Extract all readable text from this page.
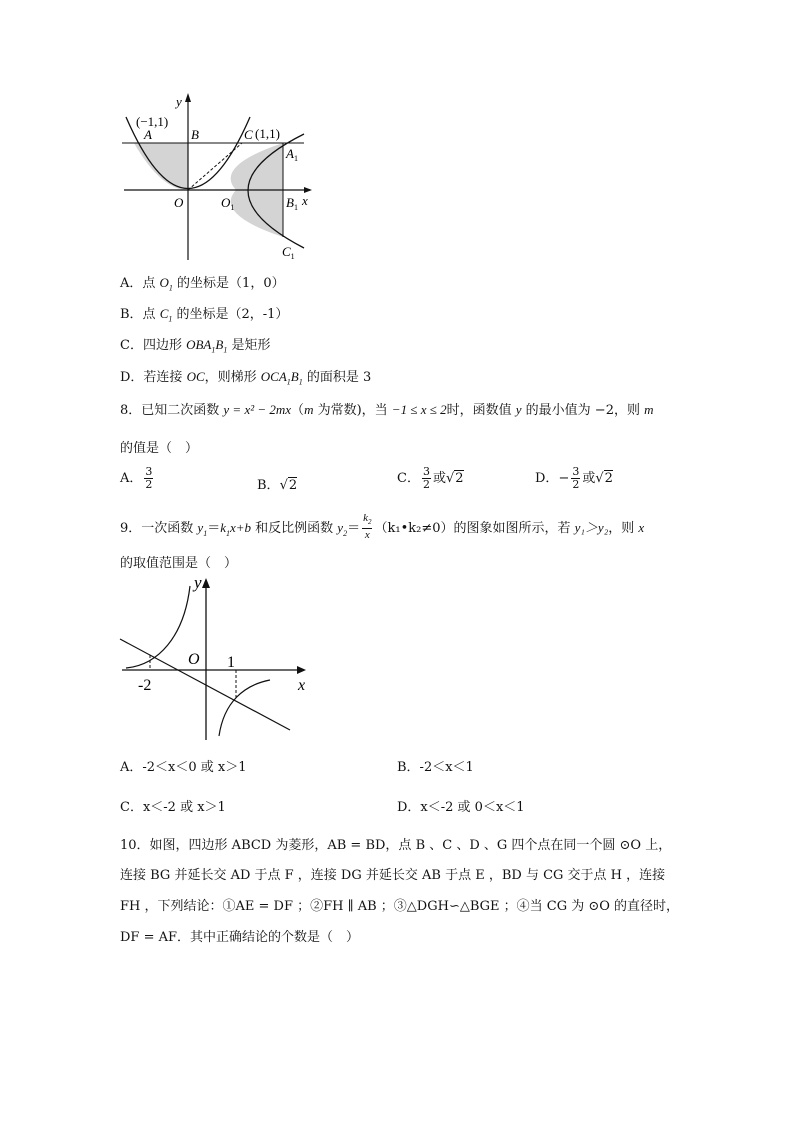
y
(−1,1)
A	B	C (1,1)
$A_1$
O	$O_1$	$B_1$ x
$C_1$
A．点 $O_1$ 的坐标是（1，0）
B．点 $C_1$ 的坐标是（2，-1）
C．四边形 $OBA_1B_1$ 是矩形
D．若连接 OC，则梯形 $OCA_1B_1$ 的面积是 3
8．已知二次函数 y = x² − 2mx（m 为常数)，当 −1 ≤ x ≤ 2时，函数值 y 的最小值为 −2，则 m
的值是（　）
A． $\frac{3}{2}$	B．√2	C． $\frac{3}{2}$ 或√2	D．− $\frac{3}{2}$ 或√2
9．一次函数 $y_1=k_1x+b$ 和反比例函数 $y_2= \frac{k_2}{x}$ （k₁•k₂≠0）的图象如图所示，若 y₁＞y₂，则 x
的取值范围是（　）
y
O 1
-2	x
A．-2＜x＜0 或 x＞1	B．-2＜x＜1
C．x＜-2 或 x＞1	D．x＜-2 或 0＜x＜1
10．如图，四边形 ABCD 为菱形，AB = BD，点 B 、C 、D 、G 四个点在同一个圆 ⊙O 上，
连接 BG 并延长交 AD 于点 F ，连接 DG 并延长交 AB 于点 E ，BD 与 CG 交于点 H ，连接
FH ，下列结论：①AE = DF ；②FH ∥ AB ；③△DGH∽△BGE ；④当 CG 为 ⊙O 的直径时，
DF = AF．其中正确结论的个数是（　）
